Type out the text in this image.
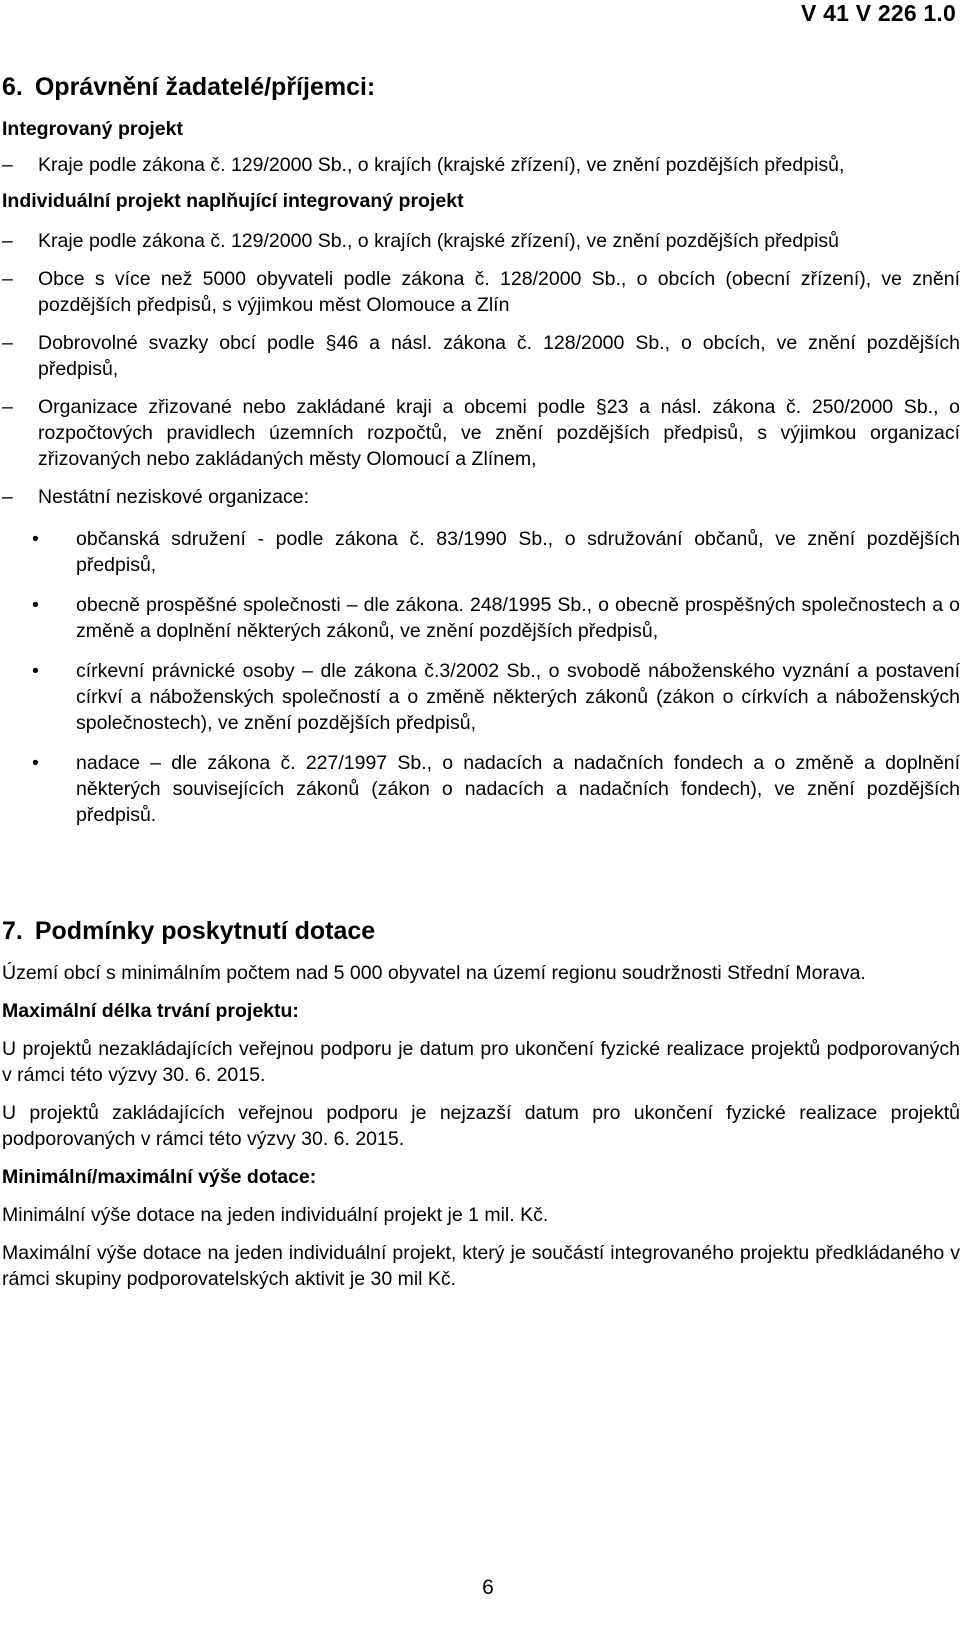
V 41 V 226 1.0
6. Oprávnění žadatelé/příjemci:
Integrovaný projekt
– Kraje podle zákona č. 129/2000 Sb., o krajích (krajské zřízení), ve znění pozdějších předpisů,
Individuální projekt naplňující integrovaný projekt
– Kraje podle zákona č. 129/2000 Sb., o krajích (krajské zřízení), ve znění pozdějších předpisů
– Obce s více než 5000 obyvateli podle zákona č. 128/2000 Sb., o obcích (obecní zřízení), ve znění pozdějších předpisů, s výjimkou měst Olomouce a Zlín
– Dobrovolné svazky obcí podle §46 a násl. zákona č. 128/2000 Sb., o obcích, ve znění pozdějších předpisů,
– Organizace zřizované nebo zakládané kraji a obcemi podle §23 a násl. zákona č. 250/2000 Sb., o rozpočtových pravidlech územních rozpočtů, ve znění pozdějších předpisů, s výjimkou organizací zřizovaných nebo zakládaných městy Olomoucí a Zlínem,
– Nestátní neziskové organizace:
• občanská sdružení - podle zákona č. 83/1990 Sb., o sdružování občanů, ve znění pozdějších předpisů,
• obecně prospěšné společnosti – dle zákona. 248/1995 Sb., o obecně prospěšných společnostech a o změně a doplnění některých zákonů, ve znění pozdějších předpisů,
• církevní právnické osoby – dle zákona č.3/2002 Sb., o svobodě náboženského vyznání a postavení církví a náboženských společností a o změně některých zákonů (zákon o církvích a náboženských společnostech), ve znění pozdějších předpisů,
• nadace – dle zákona č. 227/1997 Sb., o nadacích a nadačních fondech a o změně a doplnění některých souvisejících zákonů (zákon o nadacích a nadačních fondech), ve znění pozdějších předpisů.
7. Podmínky poskytnutí dotace

Území obcí s minimálním počtem nad 5 000 obyvatel na území regionu soudržnosti Střední Morava.

Maximální délka trvání projektu:

U projektů nezakládajících veřejnou podporu je datum pro ukončení fyzické realizace projektů podporovaných v rámci této výzvy 30. 6. 2015.

U projektů zakládajících veřejnou podporu je nejzazší datum pro ukončení fyzické realizace projektů podporovaných v rámci této výzvy 30. 6. 2015.

Minimální/maximální výše dotace:

Minimální výše dotace na jeden individuální projekt je 1 mil. Kč.

Maximální výše dotace na jeden individuální projekt, který je součástí integrovaného projektu předkládaného v rámci skupiny podporovatelských aktivit je 30 mil Kč.

6
